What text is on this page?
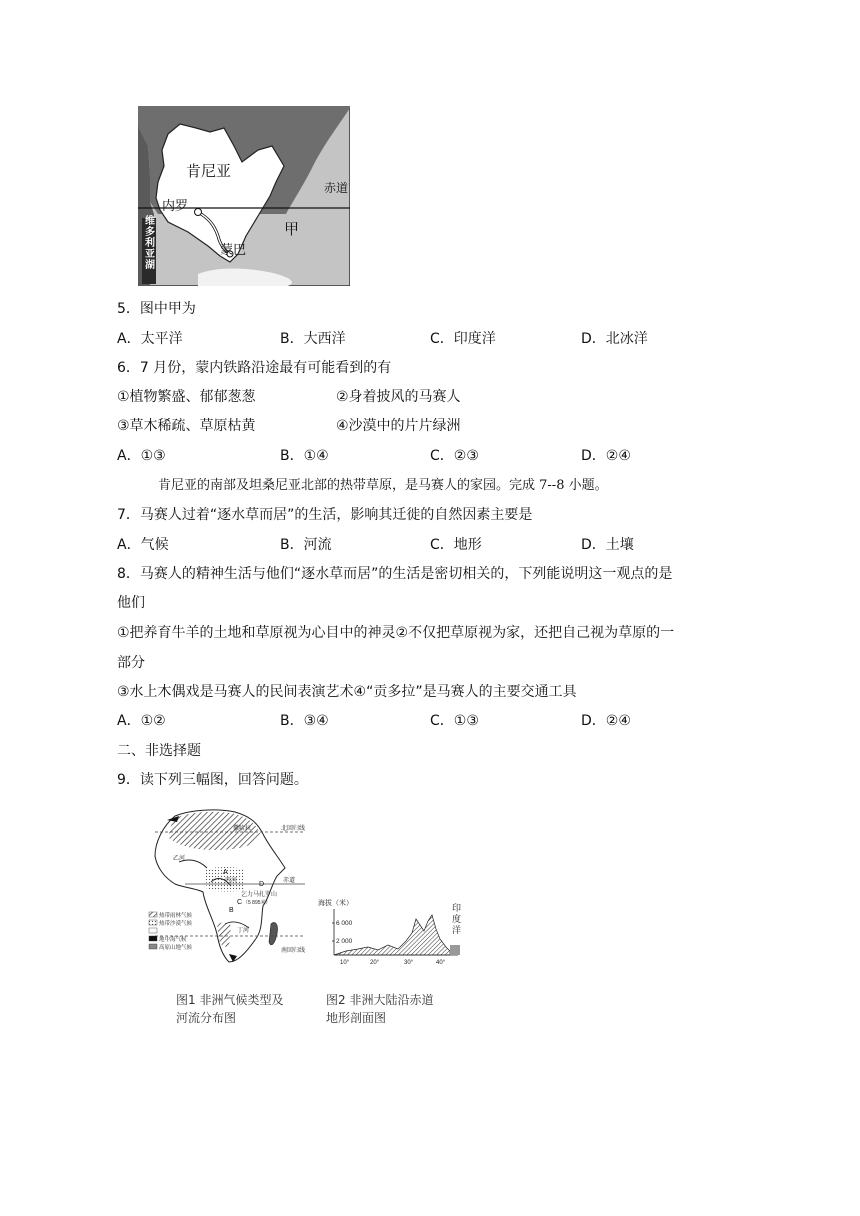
肯尼亚
赤道
内罗
蒙巴
甲
维多利亚湖
5．图中甲为
A．太平洋	B．大西洋	C．印度洋	D．北冰洋
6．7 月份，蒙内铁路沿途最有可能看到的有
①植物繁盛、郁郁葱葱	②身着披风的马赛人
③草木稀疏、草原枯黄	④沙漠中的片片绿洲
A．①③	B．①④	C．②③	D．②④
肯尼亚的南部及坦桑尼亚北部的热带草原，是马赛人的家园。完成 7--8 小题。
7．马赛人过着“逐水草而居”的生活，影响其迁徙的自然因素主要是
A．气候	B．河流	C．地形	D．土壤
8．马赛人的精神生活与他们“逐水草而居”的生活是密切相关的，下列能说明这一观点的是
他们
①把养育牛羊的土地和草原视为心目中的神灵②不仅把草原视为家，还把自己视为草原的一
部分
③水上木偶戏是马赛人的民间表演艺术④“贡多拉”是马赛人的主要交通工具
A．①②	B．③④	C．①③	D．②④
二、非选择题
9．读下列三幅图，回答问题。
北回归线
赤道
南回归线
撒哈拉
乙河
丙河
丁河
乞力马扎罗山
（5 895米）
A
B
C
D
热带雨林气候
热带沙漠气候
地中海气候
高原山地气候
图1 非洲气候类型及
河流分布图
海拔（米）
6 000
2 000
10°	20°	30°	40°
印度洋
图2 非洲大陆沿赤道
地形剖面图
